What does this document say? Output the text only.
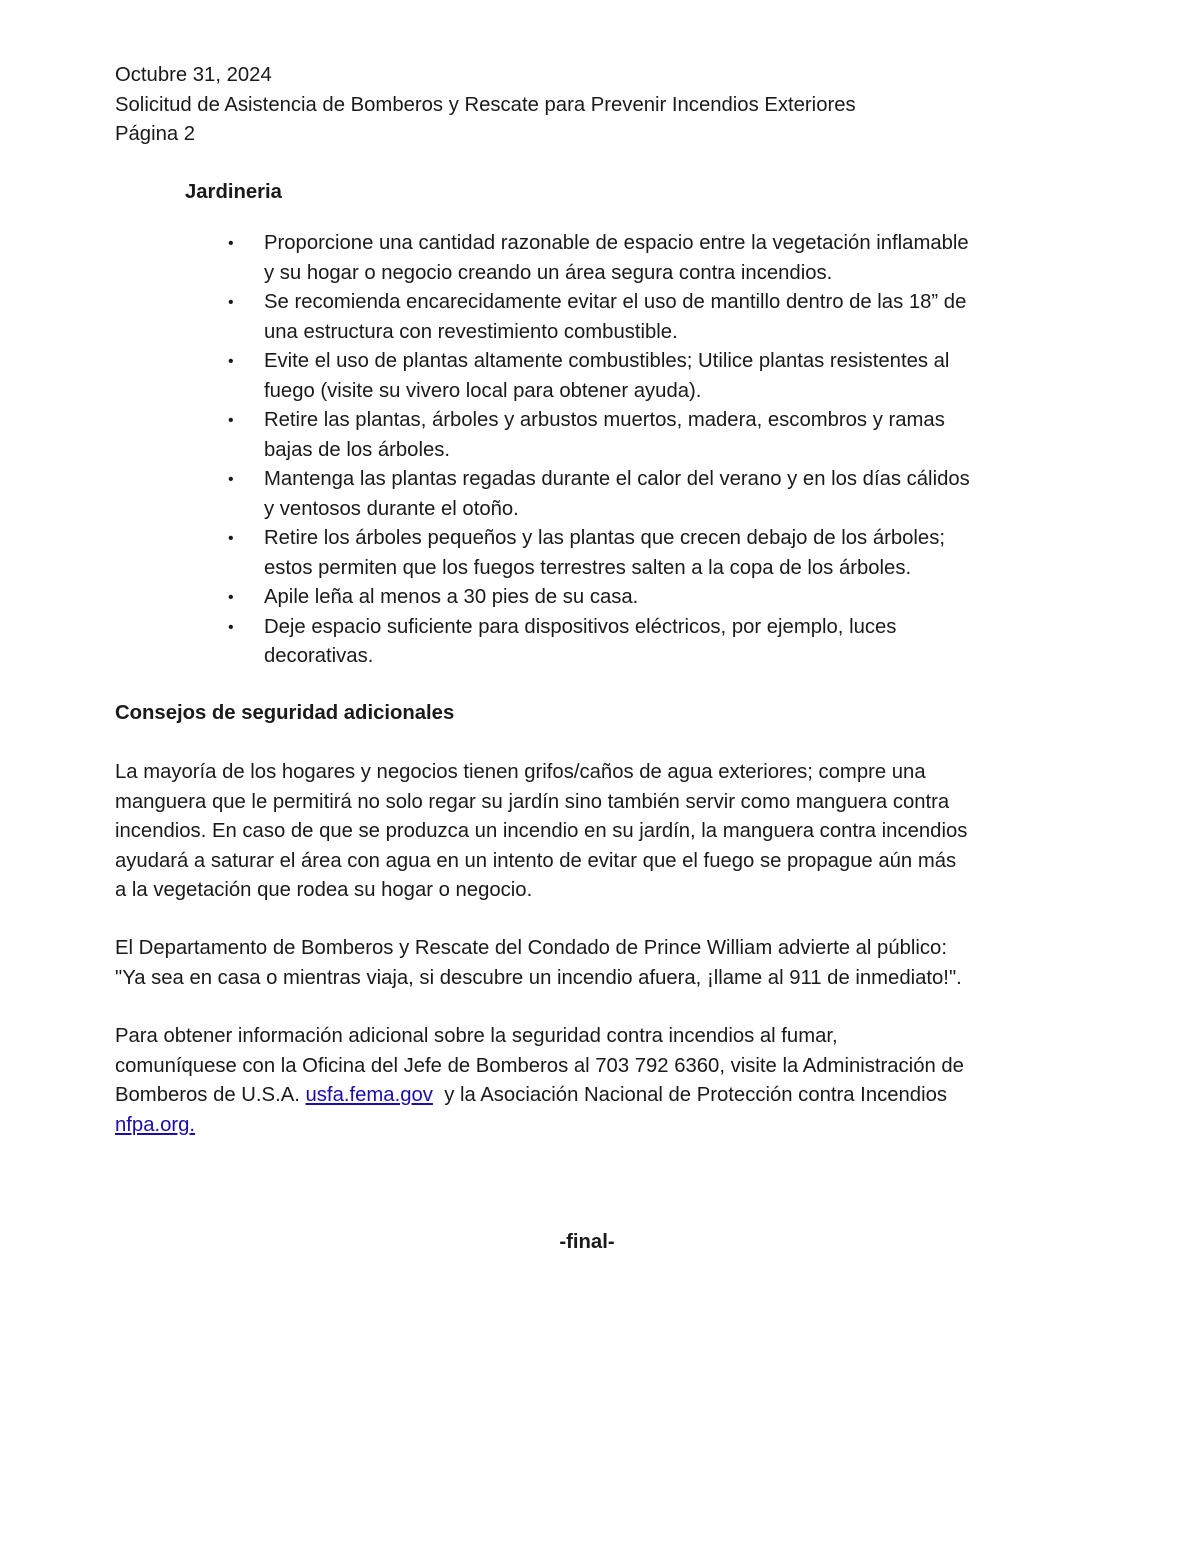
Octubre 31, 2024
Solicitud de Asistencia de Bomberos y Rescate para Prevenir Incendios Exteriores
Página 2
Jardineria
• Proporcione una cantidad razonable de espacio entre la vegetación inflamable
y su hogar o negocio creando un área segura contra incendios.
• Se recomienda encarecidamente evitar el uso de mantillo dentro de las 18” de
una estructura con revestimiento combustible.
• Evite el uso de plantas altamente combustibles; Utilice plantas resistentes al
fuego (visite su vivero local para obtener ayuda).
• Retire las plantas, árboles y arbustos muertos, madera, escombros y ramas
bajas de los árboles.
• Mantenga las plantas regadas durante el calor del verano y en los días cálidos
y ventosos durante el otoño.
• Retire los árboles pequeños y las plantas que crecen debajo de los árboles;
estos permiten que los fuegos terrestres salten a la copa de los árboles.
• Apile leña al menos a 30 pies de su casa.
• Deje espacio suficiente para dispositivos eléctricos, por ejemplo, luces
decorativas.
Consejos de seguridad adicionales
La mayoría de los hogares y negocios tienen grifos/caños de agua exteriores; compre una
manguera que le permitirá no solo regar su jardín sino también servir como manguera contra
incendios. En caso de que se produzca un incendio en su jardín, la manguera contra incendios
ayudará a saturar el área con agua en un intento de evitar que el fuego se propague aún más
a la vegetación que rodea su hogar o negocio.
El Departamento de Bomberos y Rescate del Condado de Prince William advierte al público:
"Ya sea en casa o mientras viaja, si descubre un incendio afuera, ¡llame al 911 de inmediato!".
Para obtener información adicional sobre la seguridad contra incendios al fumar,
comuníquese con la Oficina del Jefe de Bomberos al 703 792 6360, visite la Administración de
Bomberos de U.S.A. usfa.fema.gov  y la Asociación Nacional de Protección contra Incendios
nfpa.org.
-final-
